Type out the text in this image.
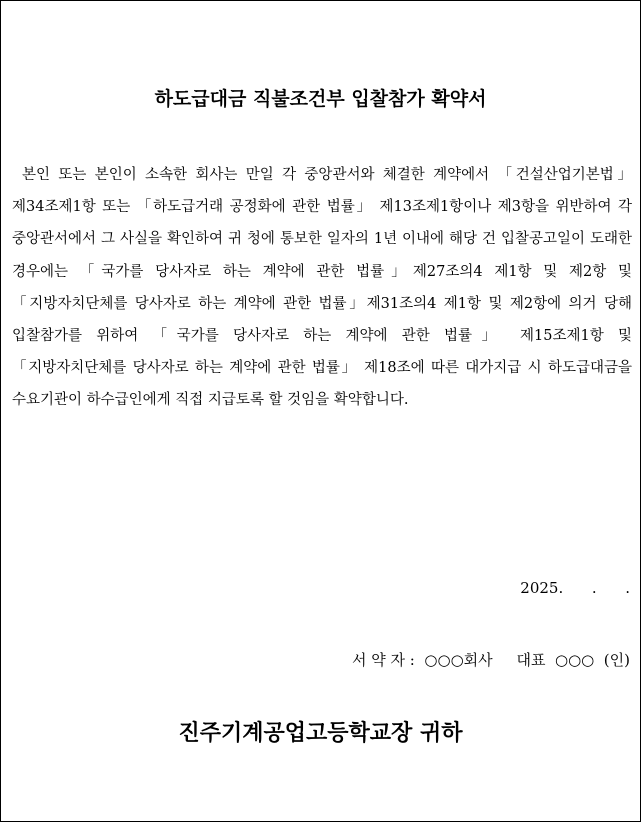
하도급대금 직불조건부 입찰참가 확약서

본인 또는 본인이 소속한 회사는 만일 각 중앙관서와 체결한 계약에서 「건설산업기본법」제34조제1항 또는 「하도급거래 공정화에 관한 법률」 제13조제1항이나 제3항을 위반하여 각 중앙관서에서 그 사실을 확인하여 귀 청에 통보한 일자의 1년 이내에 해당 건 입찰공고일이 도래한 경우에는 「국가를 당사자로 하는 계약에 관한 법률」제27조의4 제1항 및 제2항 및 「지방자치단체를 당사자로 하는 계약에 관한 법률」제31조의4 제1항 및 제2항에 의거 당해 입찰참가를 위하여 「국가를 당사자로 하는 계약에 관한 법률」 제15조제1항 및 「지방자치단체를 당사자로 하는 계약에 관한 법률」 제18조에 따른 대가지급 시 하도급대금을 수요기관이 하수급인에게 직접 지급토록 할 것임을 확약합니다.

2025.      .      .
서 약 자 :  ○○○회사     대표  ○○○  (인)
진주기계공업고등학교장 귀하
